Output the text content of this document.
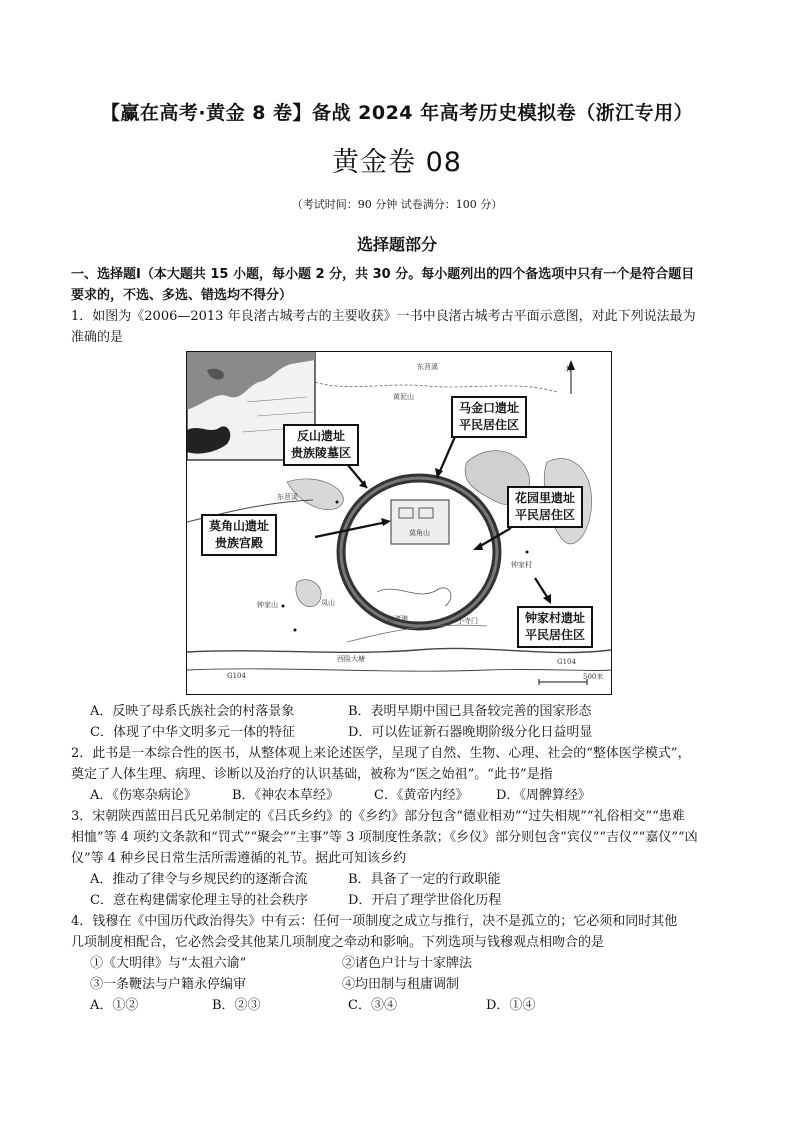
【赢在高考·黄金 8 卷】备战 2024 年高考历史模拟卷（浙江专用）
黄金卷 08
（考试时间：90 分钟 试卷满分：100 分）
选择题部分
一、选择题Ⅰ（本大题共 15 小题，每小题 2 分，共 30 分。每小题列出的四个备选项中只有一个是符合题目
要求的，不选、多选、错选均不得分）
1．如图为《2006—2013 年良渚古城考古的主要收获》一书中良渚古城考古平面示意图，对此下列说法最为
准确的是
东苕溪
东苕溪
北
黄泥山
凤山
莫角山
钟家山
钟家村
良渚港
G104
G104
小寺门
西险大塘
500米
反山遗址
贵族陵墓区
马金口遗址
平民居住区
花园里遗址
平民居住区
莫角山遗址
贵族宫殿
钟家村遗址
平民居住区
A．反映了母系氏族社会的村落景象	B．表明早期中国已具备较完善的国家形态
C．体现了中华文明多元一体的特征	D．可以佐证新石器晚期阶级分化日益明显
2．此书是一本综合性的医书，从整体观上来论述医学，呈现了自然、生物、心理、社会的“整体医学模式”，
奠定了人体生理、病理、诊断以及治疗的认识基础，被称为“医之始祖”。“此书”是指
A．《伤寒杂病论》	B．《神农本草经》	C．《黄帝内经》 D．《周髀算经》
3．宋朝陕西蓝田吕氏兄弟制定的《吕氏乡约》的《乡约》部分包含“德业相劝”“过失相规”“礼俗相交”“患难
相恤”等 4 项约文条款和“罚式”“聚会”“主事”等 3 项制度性条款；《乡仪》部分则包含“宾仪”“吉仪”“嘉仪”“凶
仪”等 4 种乡民日常生活所需遵循的礼节。据此可知该乡约
A．推动了律令与乡规民约的逐渐合流	B．具备了一定的行政职能
C．意在构建儒家伦理主导的社会秩序	D．开启了理学世俗化历程
4．钱穆在《中国历代政治得失》中有云：任何一项制度之成立与推行，决不是孤立的；它必须和同时其他
几项制度相配合，它必然会受其他某几项制度之牵动和影响。下列选项与钱穆观点相吻合的是
①《大明律》与“太祖六谕”	②诸色户计与十家牌法
③一条鞭法与户籍永停编审	④均田制与租庸调制
A．①②	B．②③	C．③④	D．①④
